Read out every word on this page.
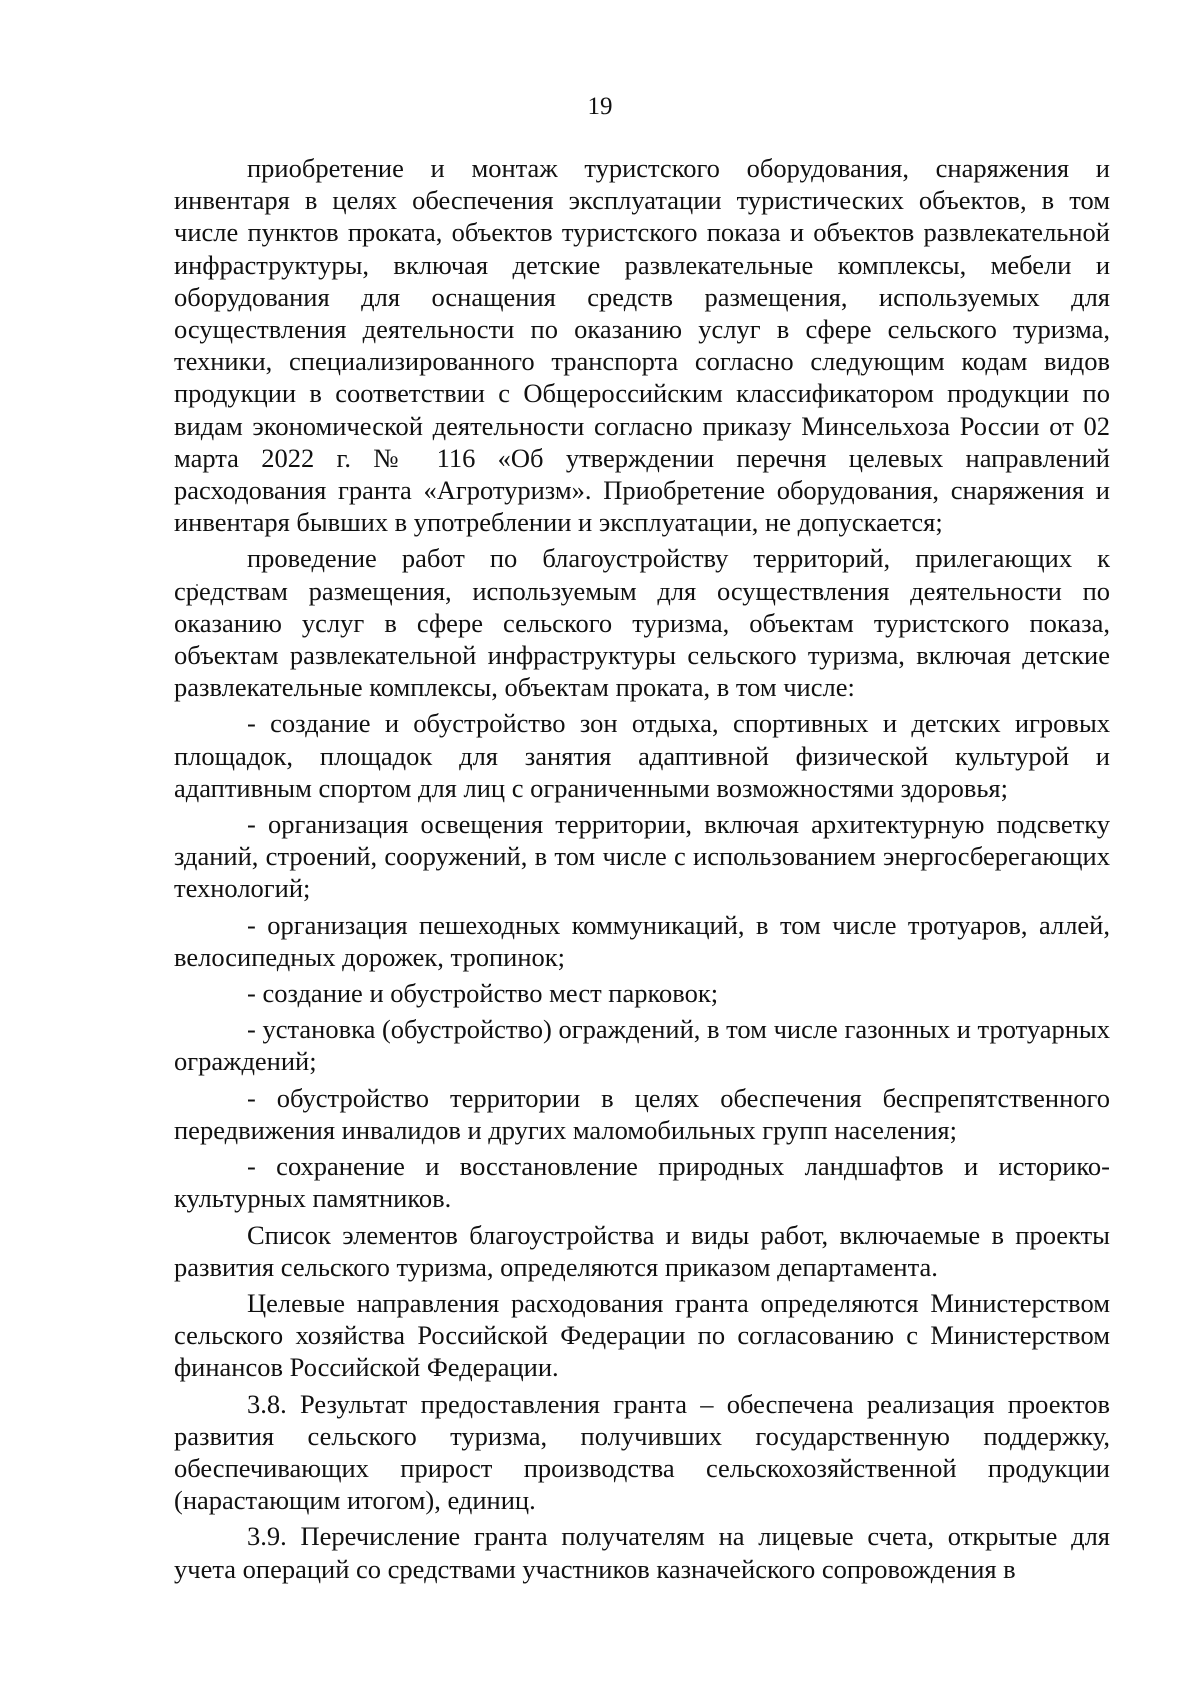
19

приобретение и монтаж туристского оборудования, снаряжения и инвентаря в целях обеспечения эксплуатации туристических объектов, в том числе пунктов проката, объектов туристского показа и объектов развлекательной инфраструктуры, включая детские развлекательные комплексы, мебели и оборудования для оснащения средств размещения, используемых для осуществления деятельности по оказанию услуг в сфере сельского туризма, техники, специализированного транспорта согласно следующим кодам видов продукции в соответствии с Общероссийским классификатором продукции по видам экономической деятельности согласно приказу Минсельхоза России от 02 марта 2022 г. № 116 «Об утверждении перечня целевых направлений расходования гранта «Агротуризм». Приобретение оборудования, снаряжения и инвентаря бывших в употреблении и эксплуатации, не допускается;

проведение работ по благоустройству территорий, прилегающих к средствам размещения, используемым для осуществления деятельности по оказанию услуг в сфере сельского туризма, объектам туристского показа, объектам развлекательной инфраструктуры сельского туризма, включая детские развлекательные комплексы, объектам проката, в том числе:

- создание и обустройство зон отдыха, спортивных и детских игровых площадок, площадок для занятия адаптивной физической культурой и адаптивным спортом для лиц с ограниченными возможностями здоровья;

- организация освещения территории, включая архитектурную подсветку зданий, строений, сооружений, в том числе с использованием энергосберегающих технологий;

- организация пешеходных коммуникаций, в том числе тротуаров, аллей, велосипедных дорожек, тропинок;

- создание и обустройство мест парковок;

- установка (обустройство) ограждений, в том числе газонных и тротуарных ограждений;

- обустройство территории в целях обеспечения беспрепятственного передвижения инвалидов и других маломобильных групп населения;

- сохранение и восстановление природных ландшафтов и историко-культурных памятников.

Список элементов благоустройства и виды работ, включаемые в проекты развития сельского туризма, определяются приказом департамента.

Целевые направления расходования гранта определяются Министерством сельского хозяйства Российской Федерации по согласованию с Министерством финансов Российской Федерации.

3.8. Результат предоставления гранта – обеспечена реализация проектов развития сельского туризма, получивших государственную поддержку, обеспечивающих прирост производства сельскохозяйственной продукции (нарастающим итогом), единиц.

3.9. Перечисление гранта получателям на лицевые счета, открытые для учета операций со средствами участников казначейского сопровождения в
